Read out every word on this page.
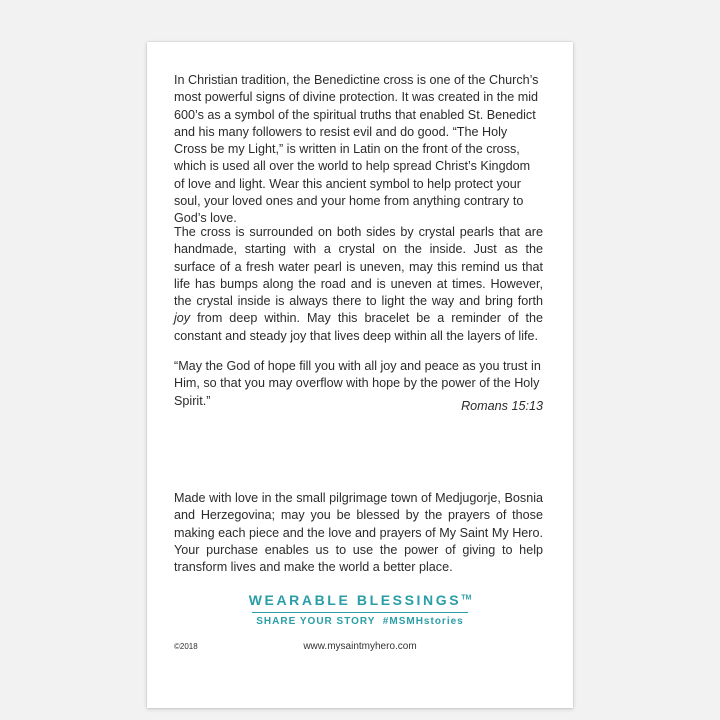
In Christian tradition, the Benedictine cross is one of the Church’s most powerful signs of divine protection. It was created in the mid 600’s as a symbol of the spiritual truths that enabled St. Benedict and his many followers to resist evil and do good. “The Holy Cross be my Light,” is written in Latin on the front of the cross, which is used all over the world to help spread Christ’s Kingdom of love and light. Wear this ancient symbol to help protect your soul, your loved ones and your home from anything contrary to God’s love.

The cross is surrounded on both sides by crystal pearls that are handmade, starting with a crystal on the inside. Just as the surface of a fresh water pearl is uneven, may this remind us that life has bumps along the road and is uneven at times. However, the crystal inside is always there to light the way and bring forth joy from deep within. May this bracelet be a reminder of the constant and steady joy that lives deep within all the layers of life.

“May the God of hope fill you with all joy and peace as you trust in Him, so that you may overflow with hope by the power of the Holy Spirit.”	Romans 15:13

Made with love in the small pilgrimage town of Medjugorje, Bosnia and Herzegovina; may you be blessed by the prayers of those making each piece and the love and prayers of My Saint My Hero. Your purchase enables us to use the power of giving to help transform lives and make the world a better place.

WEARABLE BLESSINGS™
SHARE YOUR STORY  #MSMHstories
©2018	www.mysaintmyhero.com
